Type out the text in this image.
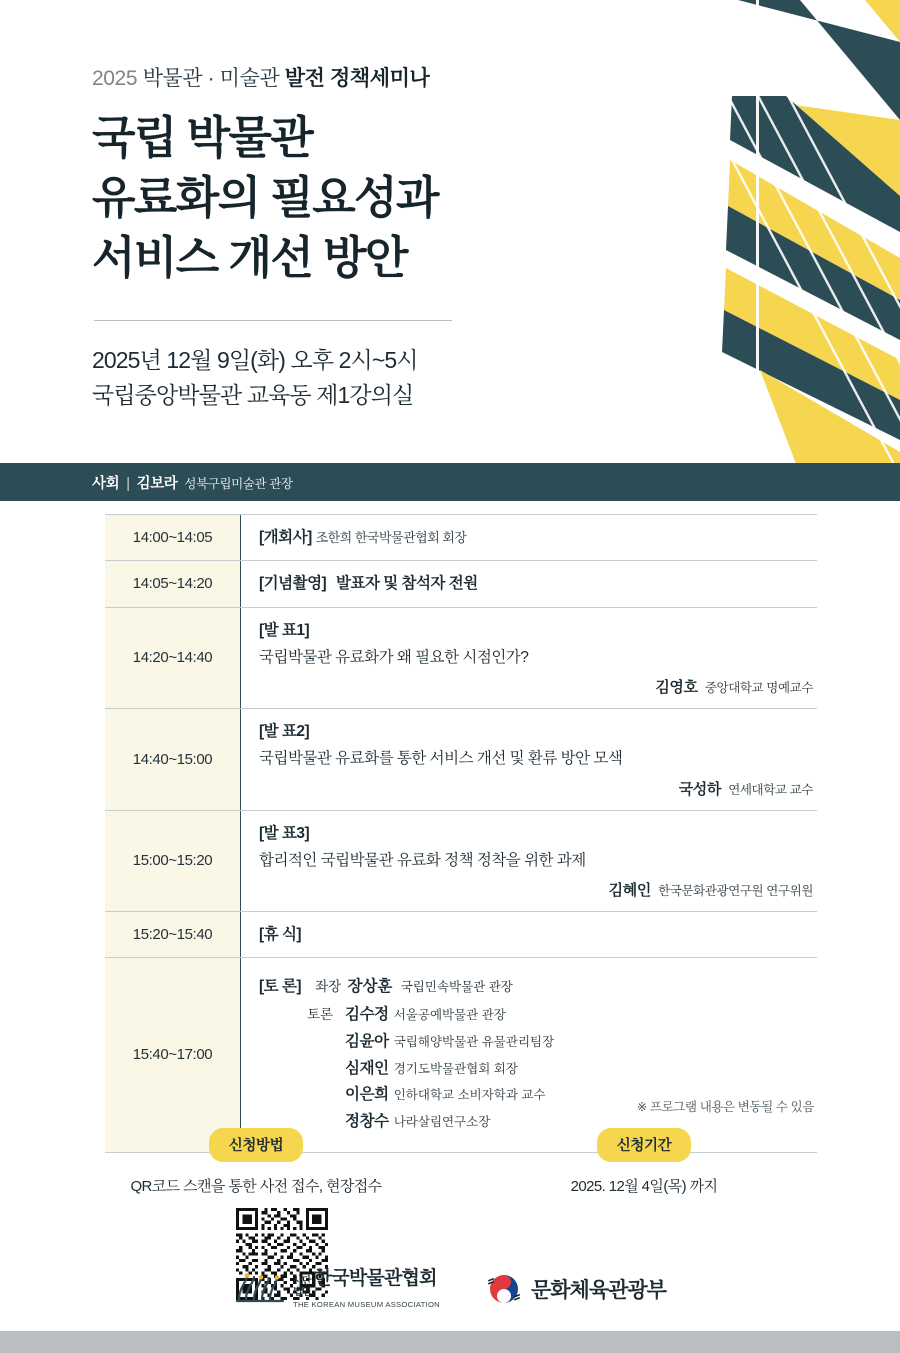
2025 박물관 · 미술관 발전 정책세미나
국립 박물관
유료화의 필요성과
서비스 개선 방안
2025년 12월 9일(화) 오후 2시~5시
국립중앙박물관 교육동 제1강의실
사회 | 김보라 성북구립미술관 관장
14:00~14:05	[개회사] 조한희 한국박물관협회 회장
14:05~14:20	[기념촬영] 발표자 및 참석자 전원
14:20~14:40
[발 표1]
국립박물관 유료화가 왜 필요한 시점인가?
김영호 중앙대학교 명예교수
14:40~15:00
[발 표2]
국립박물관 유료화를 통한 서비스 개선 및 환류 방안 모색
국성하 연세대학교 교수
15:00~15:20
[발 표3]
합리적인 국립박물관 유료화 정책 정착을 위한 과제
김혜인 한국문화관광연구원 연구위원
15:20~15:40	[휴 식]
15:40~17:00
[토 론] 좌장 장상훈 국립민속박물관 관장
토론 김수정 서울공예박물관 관장
김윤아 국립해양박물관 유물관리팀장
심재인 경기도박물관협회 회장
이은희 인하대학교 소비자학과 교수
정창수 나라살림연구소장
※ 프로그램 내용은 변동될 수 있음
신청방법
QR코드 스캔을 통한 사전 접수, 현장접수
신청기간
2025. 12월 4일(목) 까지
사단
법인
한국박물관협회
THE KOREAN MUSEUM ASSOCIATION
문화체육관광부
